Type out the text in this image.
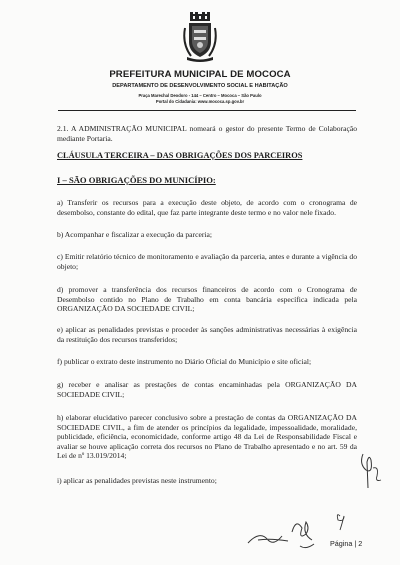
PREFEITURA MUNICIPAL DE MOCOCA
DEPARTAMENTO DE DESENVOLVIMENTO SOCIAL E HABITAÇÃO
Praça Marechal Deodoro - 144 – Centro – Mococa – São Paulo
Portal do Cidadania: www.mococa.sp.gov.br
2.1. A ADMINISTRAÇÃO MUNICIPAL nomeará o gestor do presente Termo de Colaboração mediante Portaria.
CLÁUSULA TERCEIRA – DAS OBRIGAÇÕES DOS PARCEIROS
I – SÃO OBRIGAÇÕES DO MUNICÍPIO:
a) Transferir os recursos para a execução deste objeto, de acordo com o cronograma de desembolso, constante do edital, que faz parte integrante deste termo e no valor nele fixado.
b) Acompanhar e fiscalizar a execução da parceria;
c) Emitir relatório técnico de monitoramento e avaliação da parceria, antes e durante a vigência do objeto;
d) promover a transferência dos recursos financeiros de acordo com o Cronograma de Desembolso contido no Plano de Trabalho em conta bancária específica indicada pela ORGANIZAÇÃO DA SOCIEDADE CIVIL;
e) aplicar as penalidades previstas e proceder às sanções administrativas necessárias à exigência da restituição dos recursos transferidos;
f) publicar o extrato deste instrumento no Diário Oficial do Município e site oficial;
g) receber e analisar as prestações de contas encaminhadas pela ORGANIZAÇÃO DA SOCIEDADE CIVIL;
h) elaborar elucidativo parecer conclusivo sobre a prestação de contas da ORGANIZAÇÃO DA SOCIEDADE CIVIL, a fim de atender os princípios da legalidade, impessoalidade, moralidade, publicidade, eficiência, economicidade, conforme artigo 48 da Lei de Responsabilidade Fiscal e avaliar se houve aplicação correta dos recursos no Plano de Trabalho apresentado e no art. 59 da Lei de nº 13.019/2014;
i) aplicar as penalidades previstas neste instrumento;
Página | 2
